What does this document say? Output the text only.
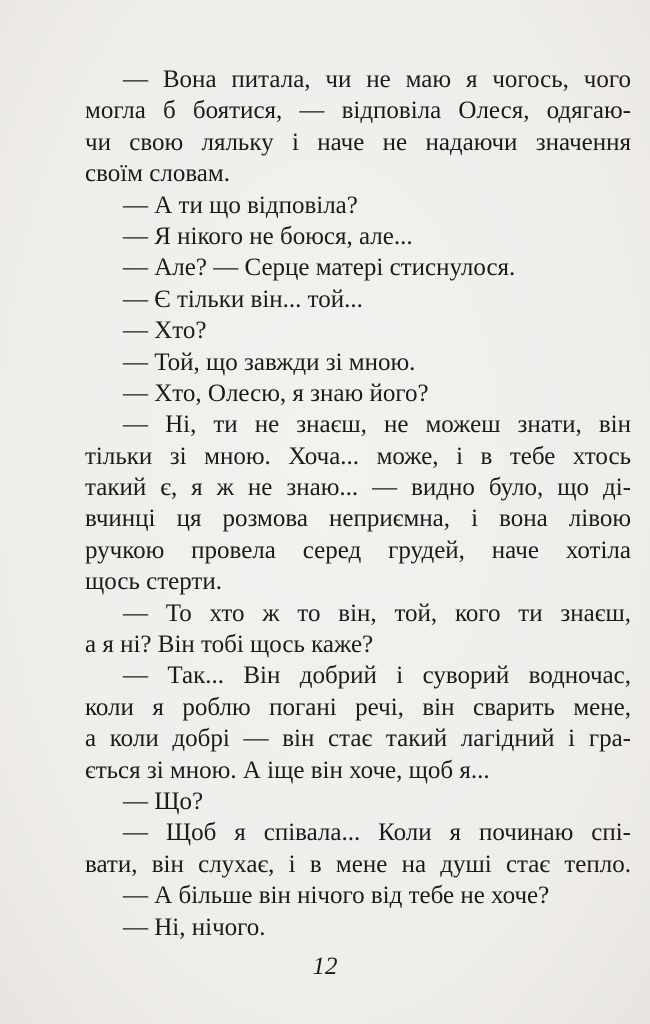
— Вона питала, чи не маю я чогось, чого
могла б боятися, — відповіла Олеся, одягаю-
чи свою ляльку і наче не надаючи значення
своїм словам.
— А ти що відповіла?
— Я нікого не боюся, але...
— Але? — Серце матері стиснулося.
— Є тільки він... той...
— Хто?
— Той, що завжди зі мною.
— Хто, Олесю, я знаю його?
— Ні, ти не знаєш, не можеш знати, він
тільки зі мною. Хоча... може, і в тебе хтось
такий є, я ж не знаю... — видно було, що ді-
вчинці ця розмова неприємна, і вона лівою
ручкою провела серед грудей, наче хотіла
щось стерти.
— То хто ж то він, той, кого ти знаєш,
а я ні? Він тобі щось каже?
— Так... Він добрий і суворий водночас,
коли я роблю погані речі, він сварить мене,
а коли добрі — він стає такий лагідний і гра-
ється зі мною. А іще він хоче, щоб я...
— Що?
— Щоб я співала... Коли я починаю спі-
вати, він слухає, і в мене на душі стає тепло.
— А більше він нічого від тебе не хоче?
— Ні, нічого.
12
